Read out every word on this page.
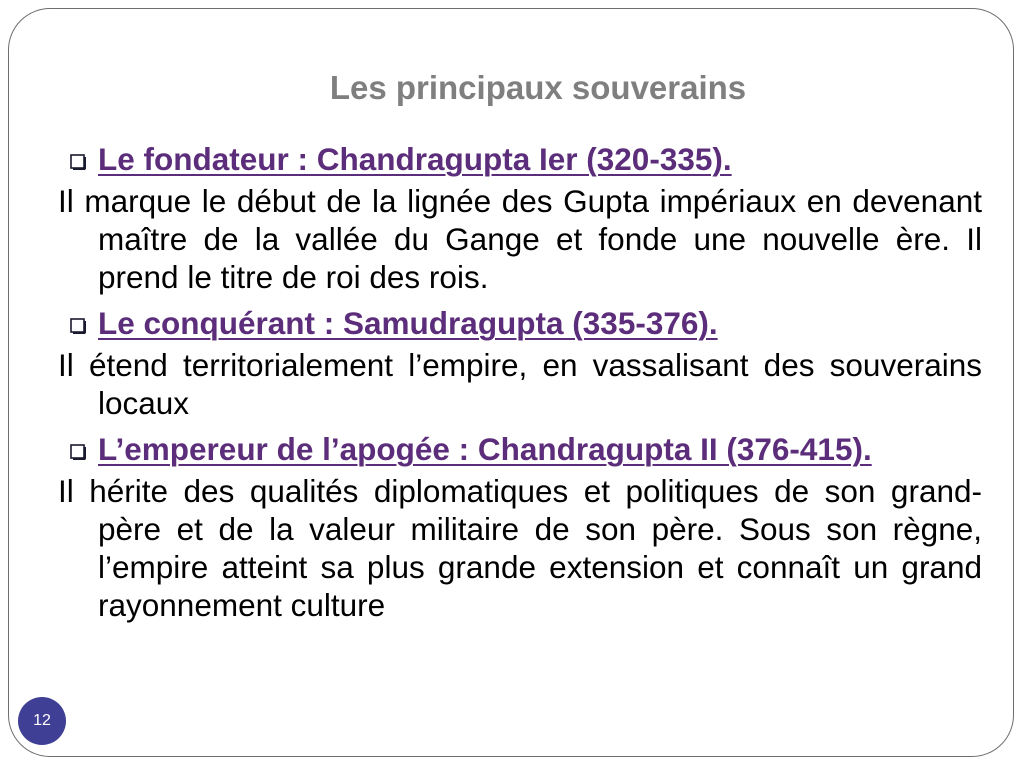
Les principaux souverains

Le fondateur : Chandragupta Ier (320-335).

Il marque le début de la lignée des Gupta impériaux en devenant maître de la vallée du Gange et fonde une nouvelle ère. Il prend le titre de roi des rois.

Le conquérant : Samudragupta (335-376).

Il étend territorialement l’empire, en vassalisant des souverains locaux

L’empereur de l’apogée : Chandragupta II (376-415).

Il hérite des qualités diplomatiques et politiques de son grand-père et de la valeur militaire de son père. Sous son règne, l’empire atteint sa plus grande extension et connaît un grand rayonnement culture

12
